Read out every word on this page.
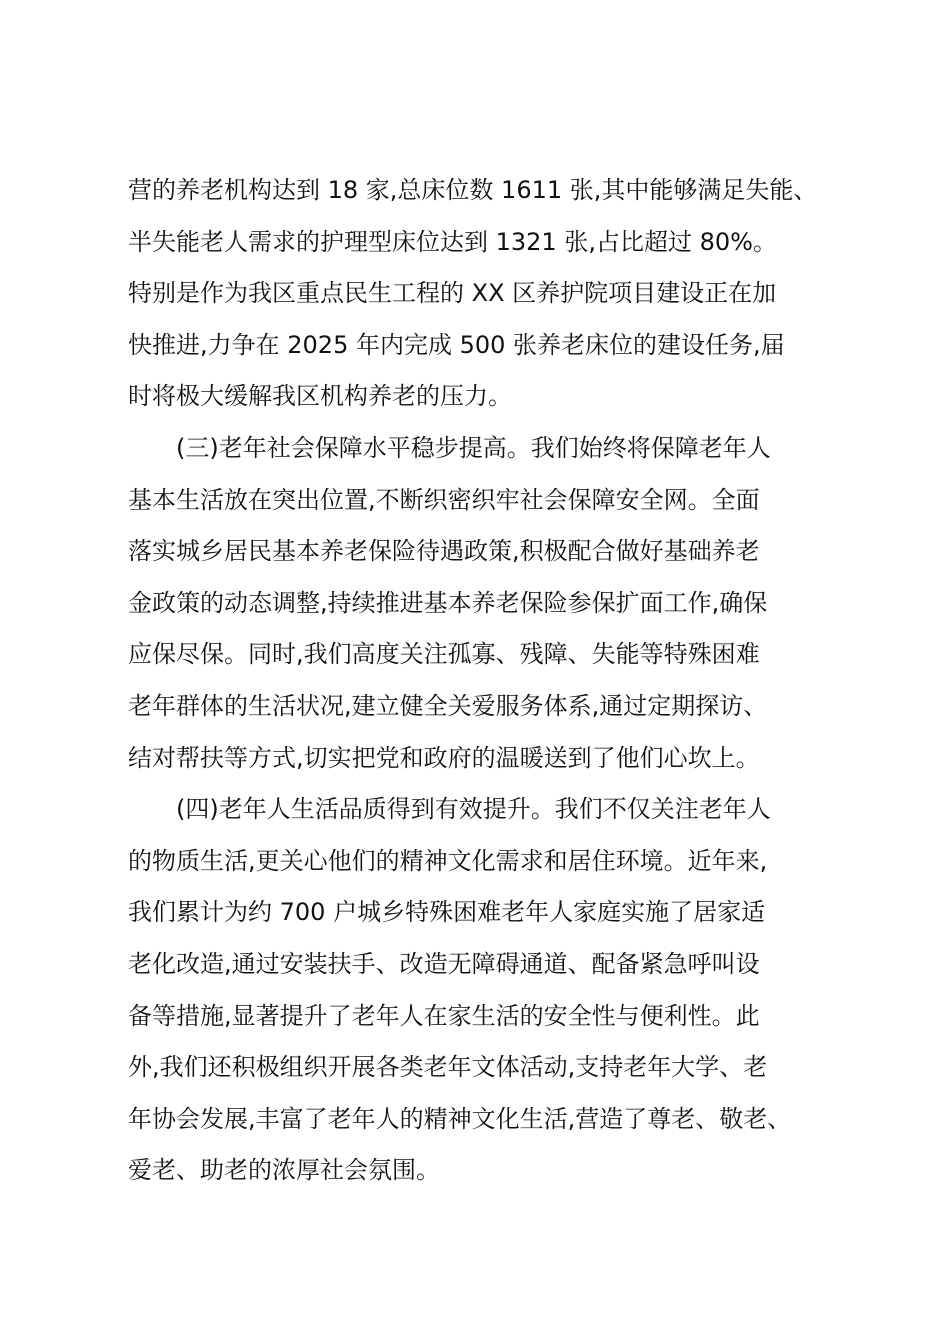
营的养老机构达到 18 家,总床位数 1611 张,其中能够满足失能、
半失能老人需求的护理型床位达到 1321 张,占比超过 80%。
特别是作为我区重点民生工程的 XX 区养护院项目建设正在加
快推进,力争在 2025 年内完成 500 张养老床位的建设任务,届
时将极大缓解我区机构养老的压力。
(三)老年社会保障水平稳步提高。我们始终将保障老年人
基本生活放在突出位置,不断织密织牢社会保障安全网。全面
落实城乡居民基本养老保险待遇政策,积极配合做好基础养老
金政策的动态调整,持续推进基本养老保险参保扩面工作,确保
应保尽保。同时,我们高度关注孤寡、残障、失能等特殊困难
老年群体的生活状况,建立健全关爱服务体系,通过定期探访、
结对帮扶等方式,切实把党和政府的温暖送到了他们心坎上。
(四)老年人生活品质得到有效提升。我们不仅关注老年人
的物质生活,更关心他们的精神文化需求和居住环境。近年来,
我们累计为约 700 户城乡特殊困难老年人家庭实施了居家适
老化改造,通过安装扶手、改造无障碍通道、配备紧急呼叫设
备等措施,显著提升了老年人在家生活的安全性与便利性。此
外,我们还积极组织开展各类老年文体活动,支持老年大学、老
年协会发展,丰富了老年人的精神文化生活,营造了尊老、敬老、
爱老、助老的浓厚社会氛围。
